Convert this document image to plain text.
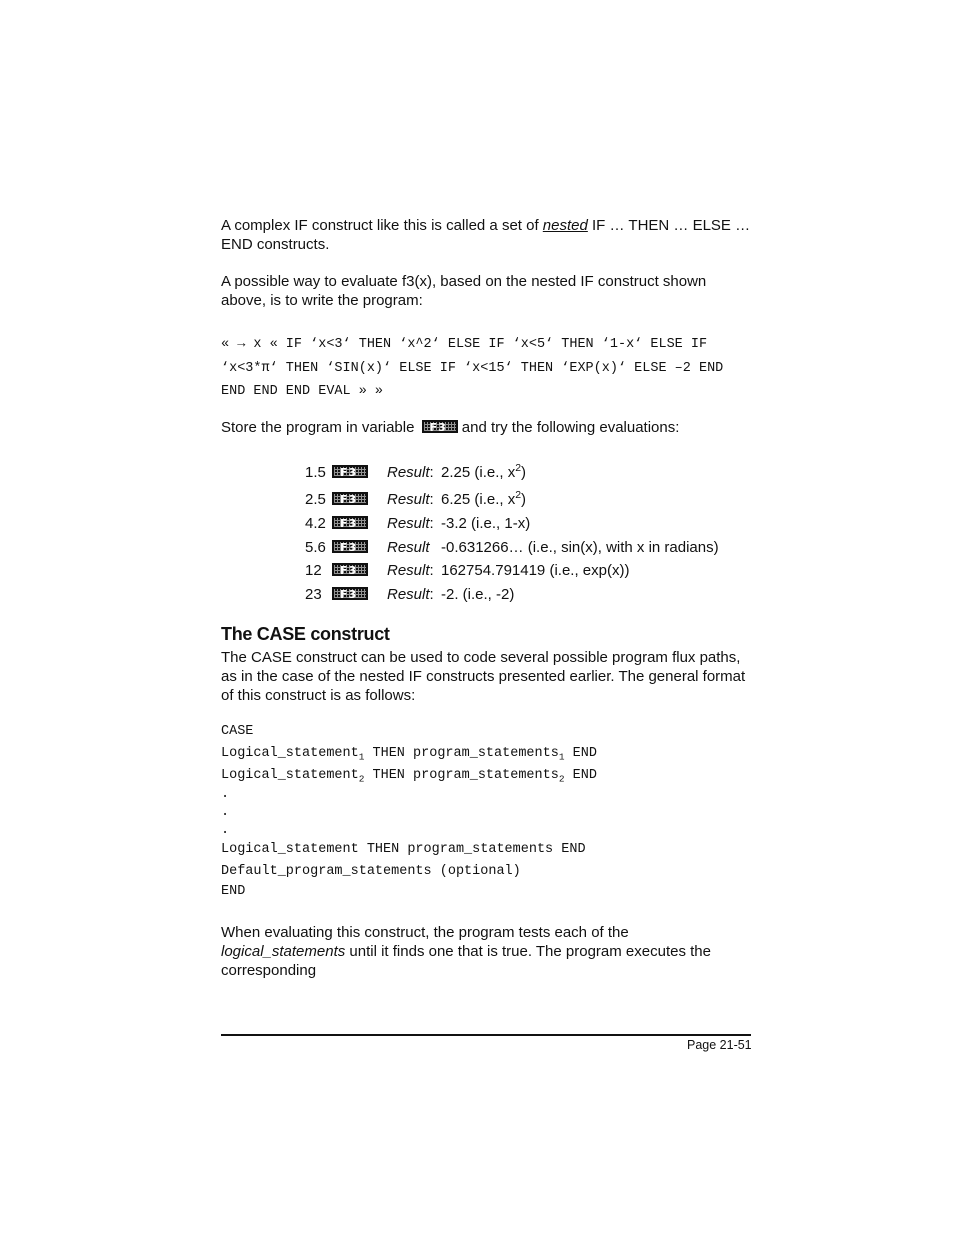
A complex IF construct like this is called a set of nested IF … THEN … ELSE … END constructs.
A possible way to evaluate f3(x), based on the nested IF construct shown above, is to write the program:
« → x « IF ‘x<3‘ THEN ‘x^2‘ ELSE IF ‘x<5‘ THEN ‘1-x‘ ELSE IF
‘x<3*π‘ THEN ‘SIN(x)‘ ELSE IF ‘x<15‘ THEN ‘EXP(x)‘ ELSE –2 END
END END END EVAL » »
Store the program in variable F3	and try the following evaluations:
1.5 F3	Result: 2.25 (i.e., $x^2$)
2.5 F3	Result: 6.25 (i.e., $x^2$)
4.2 F3	Result: -3.2 (i.e., 1-x)
5.6 F3	Result -0.631266… (i.e., sin(x), with x in radians)
12 F3	Result: 162754.791419 (i.e., exp(x))
23 F3	Result: -2. (i.e., -2)
The CASE construct
The CASE construct can be used to code several possible program flux paths, as in the case of the nested IF constructs presented earlier. The general format of this construct is as follows:
CASE
Logical_statement$_1$ THEN program_statements$_1$ END
Logical_statement$_2$ THEN program_statements$_2$ END
.
.
.
Logical_statement THEN program_statements END
Default_program_statements (optional)
END
When evaluating this construct, the program tests each of the logical_statements until it finds one that is true. The program executes the corresponding
Page 21-51
